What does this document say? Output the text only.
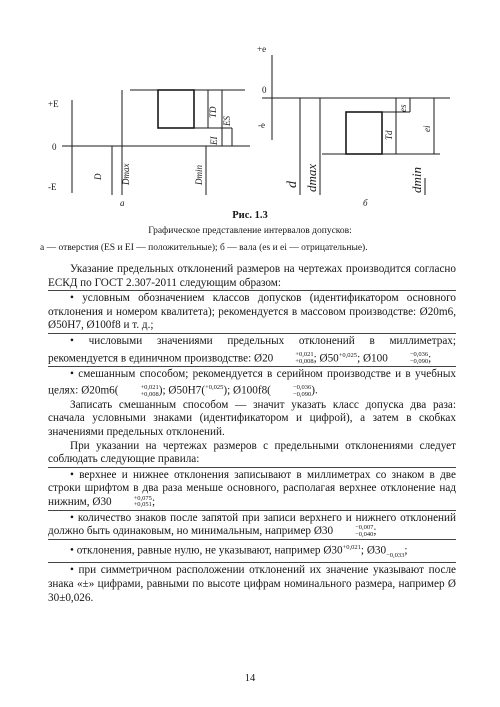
+E
0
-E
D Dmax	Dmin
TD
ES
EI
а
+e
0
-e
d dmax	dmin
es
Td
ei
б
Рис. 1.3
Графическое представление интервалов допусков:
а — отверстия (ES и EI — положительные); б — вала (es и ei — отрицательные).

Указание предельных отклонений размеров на чертежах производится согласно ЕСКД по ГОСТ 2.307-2011 следующим образом:

• условным обозначением классов допусков (идентификатором основного отклонения и номером квалитета); рекомендуется в массовом производстве: Ø20m6, Ø50H7, Ø100f8 и т. д.;

• числовыми значениями предельных отклонений в миллиметрах; рекомендуется в единичном производстве: Ø20	+0,021
+0,008 ; $Ø50^{+0,025}$; Ø100	−0,036
−0,090 ;

• смешанным способом; рекомендуется в серийном производстве и в учебных целях: Ø20m6(	+0,021
+0,008 ); Ø50H7($^{+0,025}$); Ø100f8(	−0,036
−0,090 ).

Записать смешанным способом — значит указать класс допуска два раза: сначала условными знаками (идентификатором и цифрой), а затем в скобках значениями предельных отклонений.

При указании на чертежах размеров с предельными отклонениями следует соблюдать следующие правила:

• верхнее и нижнее отклонения записывают в миллиметрах со знаком в две строки шрифтом в два раза меньше основного, располагая верхнее отклонение над нижним, Ø30	+0,075
+0,051 ;

• количество знаков после запятой при записи верхнего и нижнего отклонений должно быть одинаковым, но минимальным, например Ø30	−0,007
−0,040 ;

• отклонения, равные нулю, не указывают, например $Ø30^{+0,021}$; $Ø30_{-0,033}$;

• при симметричном расположении отклонений их значение указывают после знака «±» цифрами, равными по высоте цифрам номинального размера, например Ø 30±0,026.

14
